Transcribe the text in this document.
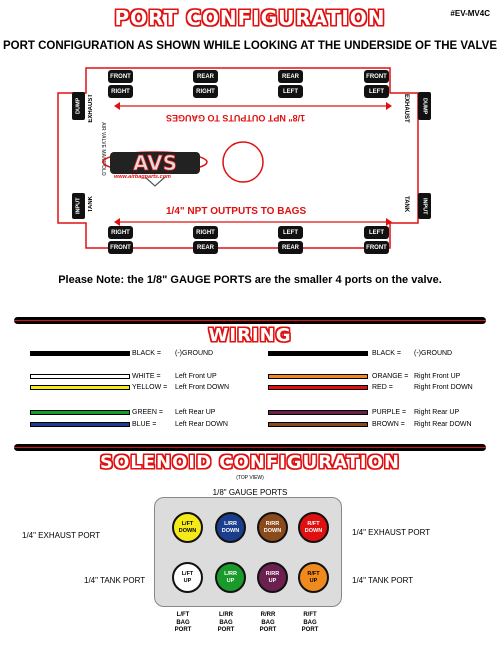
PORT CONFIGURATION	#EV-MV4C
PORT CONFIGURATION AS SHOWN WHILE LOOKING AT THE UNDERSIDE OF THE VALVE
FRONT
RIGHT
REAR
RIGHT
REAR
LEFT
FRONT
LEFT
1/8" NPT OUTPUTS TO GAUGES
EXHAUST
DUMP
AIR VALVE MANIFOLD
TANK
INPUT
EXHAUST	DUMP
TANK	INPUT
AVS
www.airbagparts.com
1/4" NPT OUTPUTS TO BAGS
RIGHT
FRONT
RIGHT
REAR
LEFT
REAR
LEFT
FRONT
Please Note: the 1/8" GAUGE PORTS are the smaller 4 ports on the valve.
WIRING
BLACK = (-)GROUND
WHITE = Left Front UP
YELLOW = Left Front DOWN
GREEN = Left Rear UP
BLUE =	Left Rear DOWN
BLACK = (-)GROUND
ORANGE = Right Front UP
RED =	Right Front DOWN
PURPLE = Right Rear UP
BROWN = Right Rear DOWN
SOLENOID CONFIGURATION
(TOP VIEW)
1/8" GAUGE PORTS
1/4" EXHAUST PORT	1/4" EXHAUST PORT
1/4" TANK PORT	1/4" TANK PORT
L/FT
DOWN
L/RR
DOWN
R/RR
DOWN
R/FT
DOWN
L/FT
UP
L/RR
UP
R/RR
UP
R/FT
UP
L/FT
BAG
PORT
L/RR
BAG
PORT
R/RR
BAG
PORT
R/FT
BAG
PORT
